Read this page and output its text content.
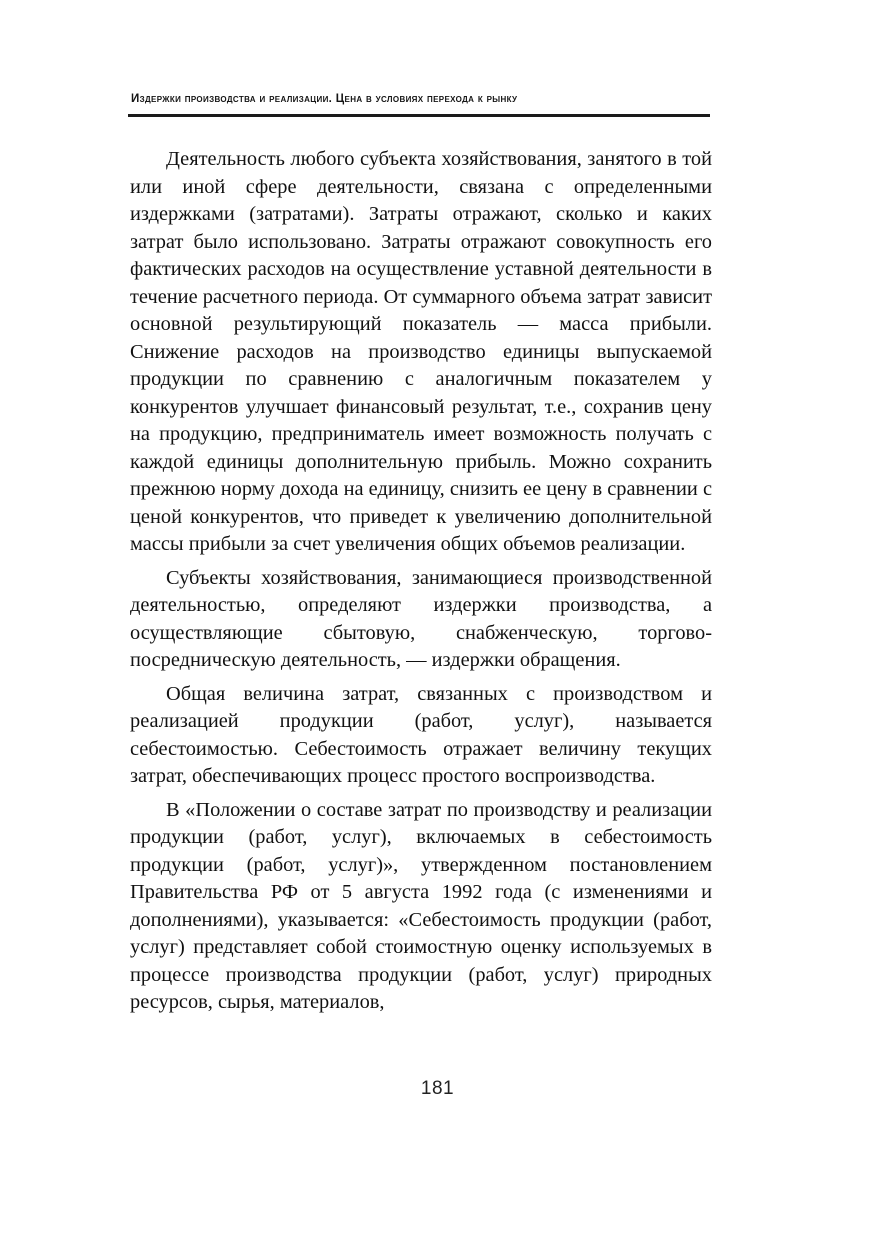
Издержки производства и реализации. Цена в условиях перехода к рынку

Деятельность любого субъекта хозяйствования, занятого в той или иной сфере деятельности, связана с определенными издержками (затратами). Затраты отражают, сколько и каких затрат было использовано. Затраты отражают совокупность его фактических расходов на осуществление уставной деятельности в течение расчетного периода. От суммарного объема затрат зависит основной результирующий показатель — масса прибыли. Снижение расходов на производство единицы выпускаемой продукции по сравнению с аналогичным показателем у конкурентов улучшает финансовый результат, т.е., сохранив цену на продукцию, предприниматель имеет возможность получать с каждой единицы дополнительную прибыль. Можно сохранить прежнюю норму дохода на единицу, снизить ее цену в сравнении с ценой конкурентов, что приведет к увеличению дополнительной массы прибыли за счет увеличения общих объемов реализации.

Субъекты хозяйствования, занимающиеся производственной деятельностью, определяют издержки производства, а осуществляющие сбытовую, снабженческую, торгово-посредническую деятельность, — издержки обращения.

Общая величина затрат, связанных с производством и реализацией продукции (работ, услуг), называется себестоимостью. Себестоимость отражает величину текущих затрат, обеспечивающих процесс простого воспроизводства.

В «Положении о составе затрат по производству и реализации продукции (работ, услуг), включаемых в себестоимость продукции (работ, услуг)», утвержденном постановлением Правительства РФ от 5 августа 1992 года (с изменениями и дополнениями), указывается: «Себестоимость продукции (работ, услуг) представляет собой стоимостную оценку используемых в процессе производства продукции (работ, услуг) природных ресурсов, сырья, материалов,

181
